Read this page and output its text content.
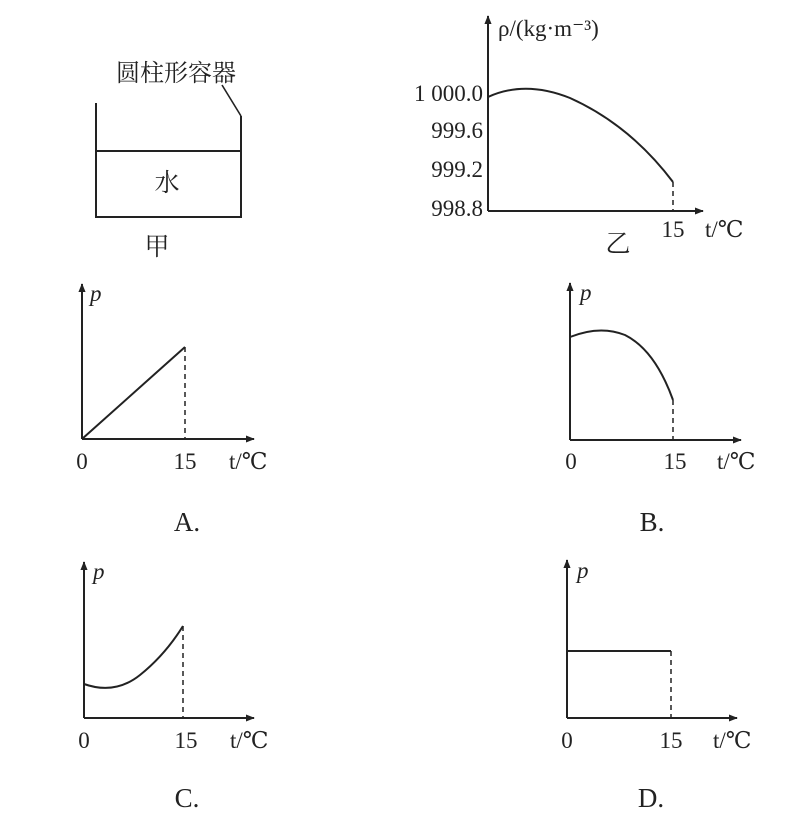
圆柱形容器
水
甲
ρ/(kg·m⁻³)
1 000.0
999.6
999.2
998.8
15 t/℃
乙
p
0	15 t/℃
A.
p
0	15 t/℃
B.
p
0	15 t/℃
C.
p
0	15 t/℃
D.
